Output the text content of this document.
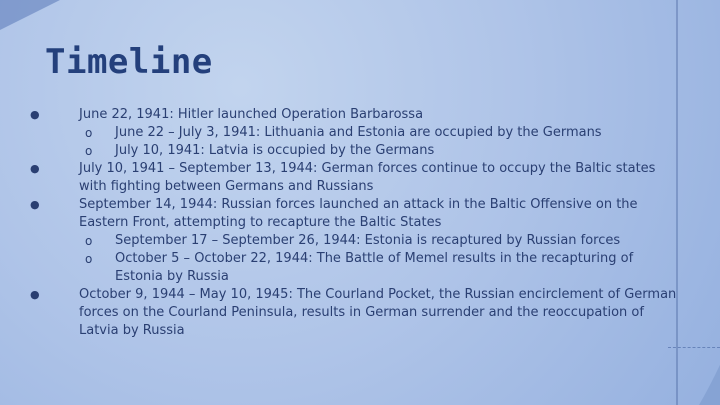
Timeline
●	June 22, 1941: Hitler launched Operation Barbarossa
o June 22 – July 3, 1941: Lithuania and Estonia are occupied by the Germans
o July 10, 1941: Latvia is occupied by the Germans
●	July 10, 1941 – September 13, 1944: German forces continue to occupy the Baltic states with fighting between Germans and Russians
●	September 14, 1944: Russian forces launched an attack in the Baltic Offensive on the Eastern Front, attempting to recapture the Baltic States
o September 17 – September 26, 1944: Estonia is recaptured by Russian forces
o October 5 – October 22, 1944: The Battle of Memel results in the recapturing of Estonia by Russia
●	October 9, 1944 – May 10, 1945: The Courland Pocket, the Russian encirclement of German forces on the Courland Peninsula, results in German surrender and the reoccupation of Latvia by Russia
